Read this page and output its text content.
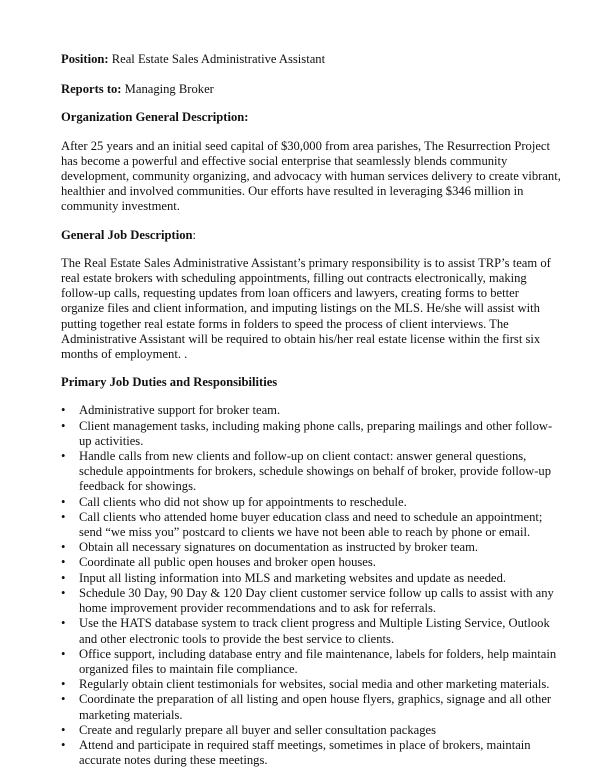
Position: Real Estate Sales Administrative Assistant

Reports to: Managing Broker

Organization General Description:

After 25 years and an initial seed capital of $30,000 from area parishes, The Resurrection Project has become a powerful and effective social enterprise that seamlessly blends community development, community organizing, and advocacy with human services delivery to create vibrant, healthier and involved communities. Our efforts have resulted in leveraging $346 million in community investment.

General Job Description:

The Real Estate Sales Administrative Assistant’s primary responsibility is to assist TRP’s team of real estate brokers with scheduling appointments, filling out contracts electronically, making follow-up calls, requesting updates from loan officers and lawyers, creating forms to better organize files and client information, and imputing listings on the MLS. He/she will assist with putting together real estate forms in folders to speed the process of client interviews. The Administrative Assistant will be required to obtain his/her real estate license within the first six months of employment. .

Primary Job Duties and Responsibilities

•	Administrative support for broker team.
•	Client management tasks, including making phone calls, preparing mailings and other follow-up activities.
•	Handle calls from new clients and follow-up on client contact: answer general questions, schedule appointments for brokers, schedule showings on behalf of broker, provide follow-up feedback for showings.
•	Call clients who did not show up for appointments to reschedule.
•	Call clients who attended home buyer education class and need to schedule an appointment; send “we miss you” postcard to clients we have not been able to reach by phone or email.
•	Obtain all necessary signatures on documentation as instructed by broker team.
•	Coordinate all public open houses and broker open houses.
•	Input all listing information into MLS and marketing websites and update as needed.
•	Schedule 30 Day, 90 Day & 120 Day client customer service follow up calls to assist with any home improvement provider recommendations and to ask for referrals.
•	Use the HATS database system to track client progress and Multiple Listing Service, Outlook and other electronic tools to provide the best service to clients.
•	Office support, including database entry and file maintenance, labels for folders, help maintain organized files to maintain file compliance.
•	Regularly obtain client testimonials for websites, social media and other marketing materials.
•	Coordinate the preparation of all listing and open house flyers, graphics, signage and all other marketing materials.
•	Create and regularly prepare all buyer and seller consultation packages
•	Attend and participate in required staff meetings, sometimes in place of brokers, maintain accurate notes during these meetings.
